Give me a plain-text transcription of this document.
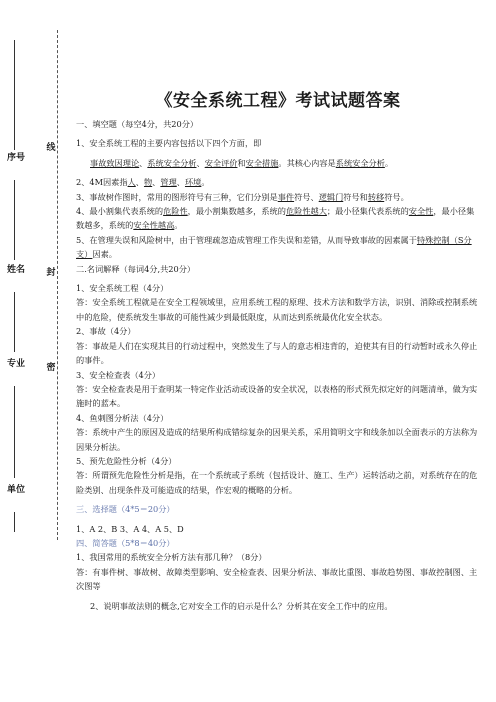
序号
姓名
专业
单位
线
封
密
《安全系统工程》考试试题答案

一、填空题（每空4分，共20分）

1、安全系统工程的主要内容包括以下四个方面，即

事故致因理论、系统安全分析、安全评价和安全措施。其核心内容是系统安全分析。

2、4M因素指人、物、管理、环境。

3、事故树作图时，常用的图形符号有三种，它们分别是事件符号、逻辑门符号和转移符号。

4、最小割集代表系统的危险性，最小割集数越多，系统的危险性越大；最小径集代表系统的安全性，最小径集数越多，系统的安全性越高。

5、在管理失误和风险树中，由于管理疏忽造成管理工作失误和差错，从而导致事故的因素属于特殊控制（S分支）因素。

二.名词解释（每词4分,共20分）

1、安全系统工程（4分）

答：安全系统工程就是在安全工程领域里，应用系统工程的原理、技术方法和数学方法，识别、消除或控制系统中的危险，使系统发生事故的可能性减少到最低限度，从而达到系统最优化安全状态。

2、事故（4分）

答：事故是人们在实现其目的行动过程中，突然发生了与人的意志相违背的，迫使其有目的行动暂时或永久停止的事件。

3、安全检查表（4分）

答：安全检查表是用于查明某一特定作业活动或设备的安全状况，以表格的形式预先拟定好的问题清单，做为实施时的蓝本。

4、鱼刺图分析法（4分）

答：系统中产生的原因及造成的结果所构成错综复杂的因果关系，采用简明文字和线条加以全面表示的方法称为因果分析法。

5、预先危险性分析（4分）

答：所谓预先危险性分析是指，在一个系统或子系统（包括设计、施工、生产）运转活动之前，对系统存在的危险类别、出现条件及可能造成的结果，作宏观的概略的分析。

三、选择题（4*5＝20分）

1、A 2、B 3、A 4、A 5、D

四、简答题（5*8＝40分）

1、我国常用的系统安全分析方法有那几种？（8分）

答：有事件树、事故树、故障类型影响、安全检查表、因果分析法、事故比重图、事故趋势图、事故控制图、主次图等

2、说明事故法则的概念,它对安全工作的启示是什么？分析其在安全工作中的应用。
